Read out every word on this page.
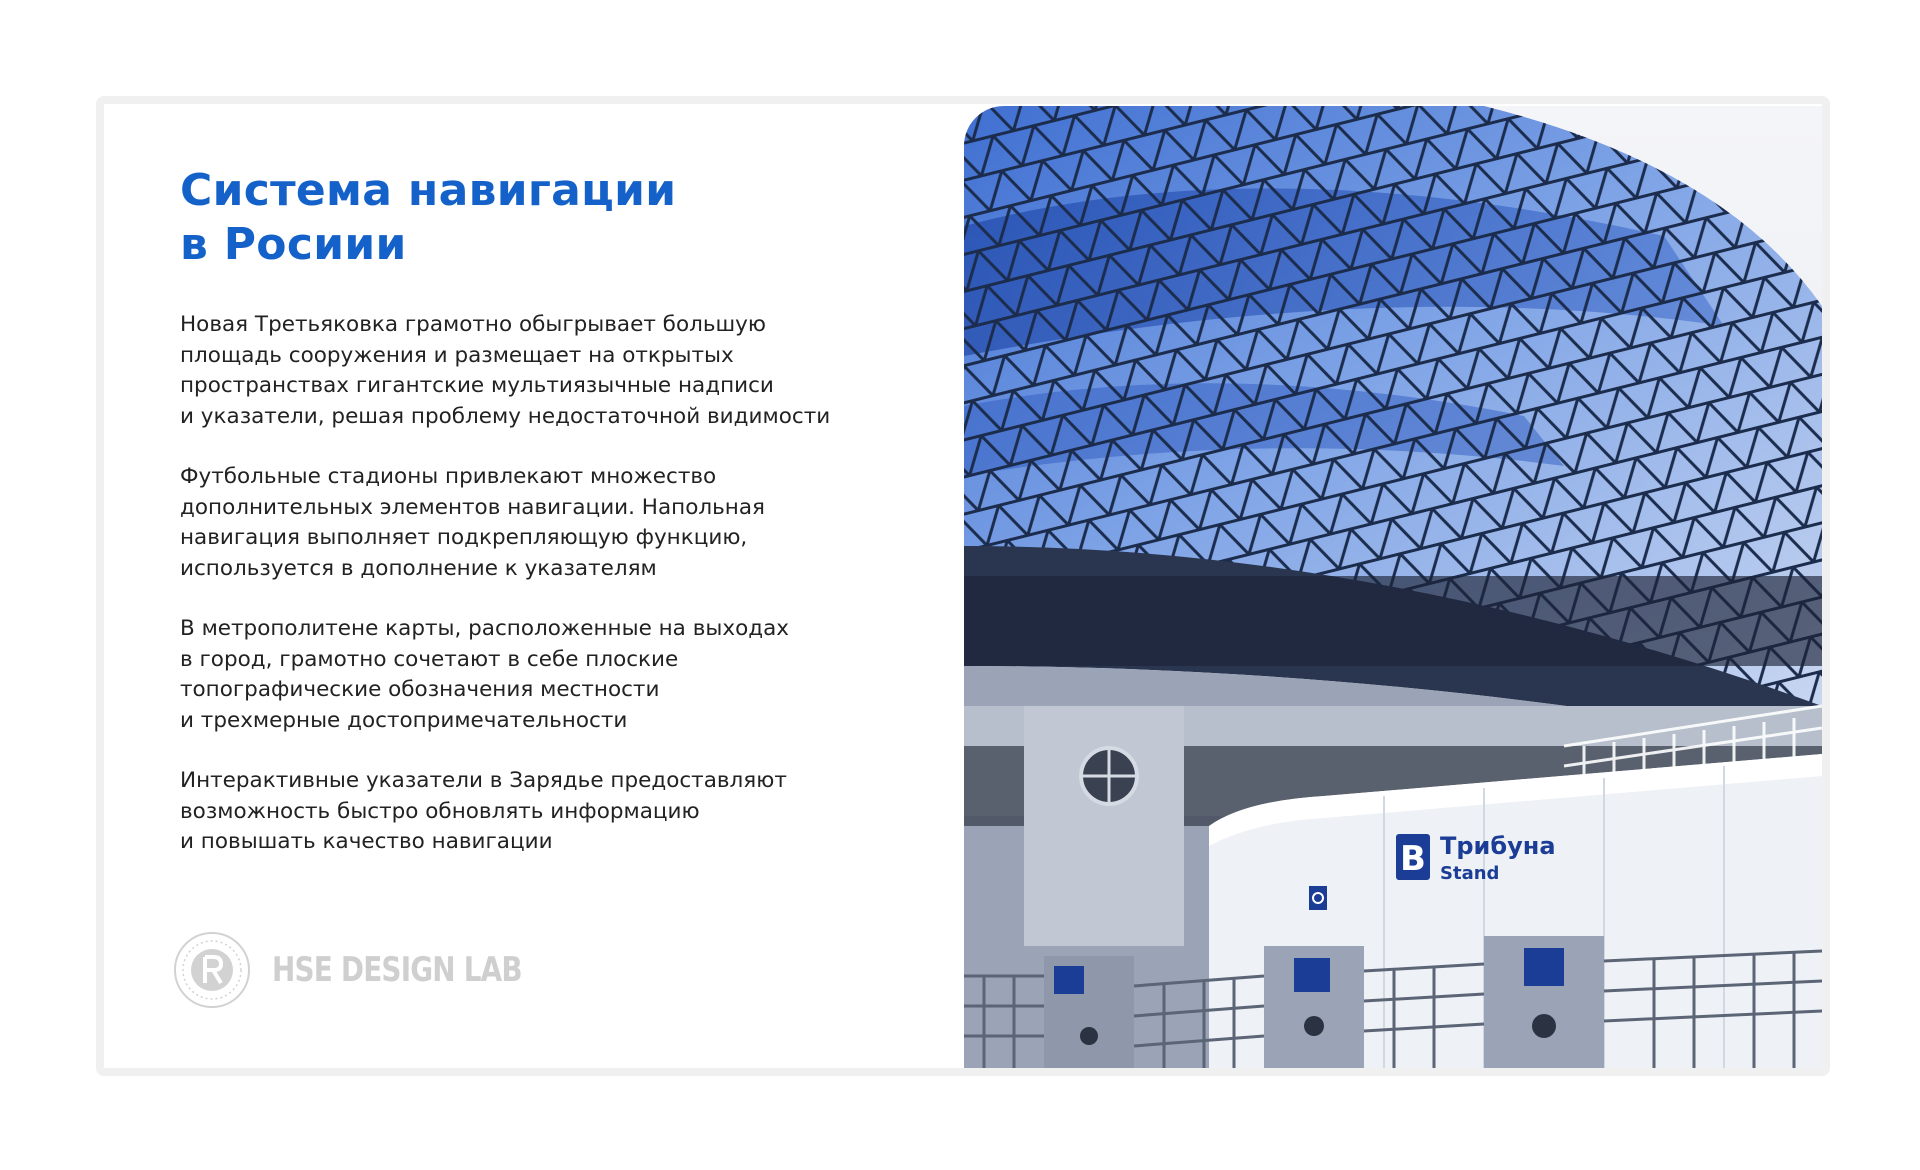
Система навигации
в Росиии

Новая Третьяковка грамотно обыгрывает большую
площадь сооружения и размещает на открытых
пространствах гигантские мультиязычные надписи
и указатели, решая проблему недостаточной видимости

Футбольные стадионы привлекают множество
дополнительных элементов навигации. Напольная
навигация выполняет подкрепляющую функцию,
используется в дополнение к указателям

В метрополитене карты, расположенные на выходах
в город, грамотно сочетают в себе плоские
топографические обозначения местности
и трехмерные достопримечательности

Интерактивные указатели в Зарядье предоставляют
возможность быстро обновлять информацию
и повышать качество навигации

HSE DESIGN LAB
B Трибуна
Stand
